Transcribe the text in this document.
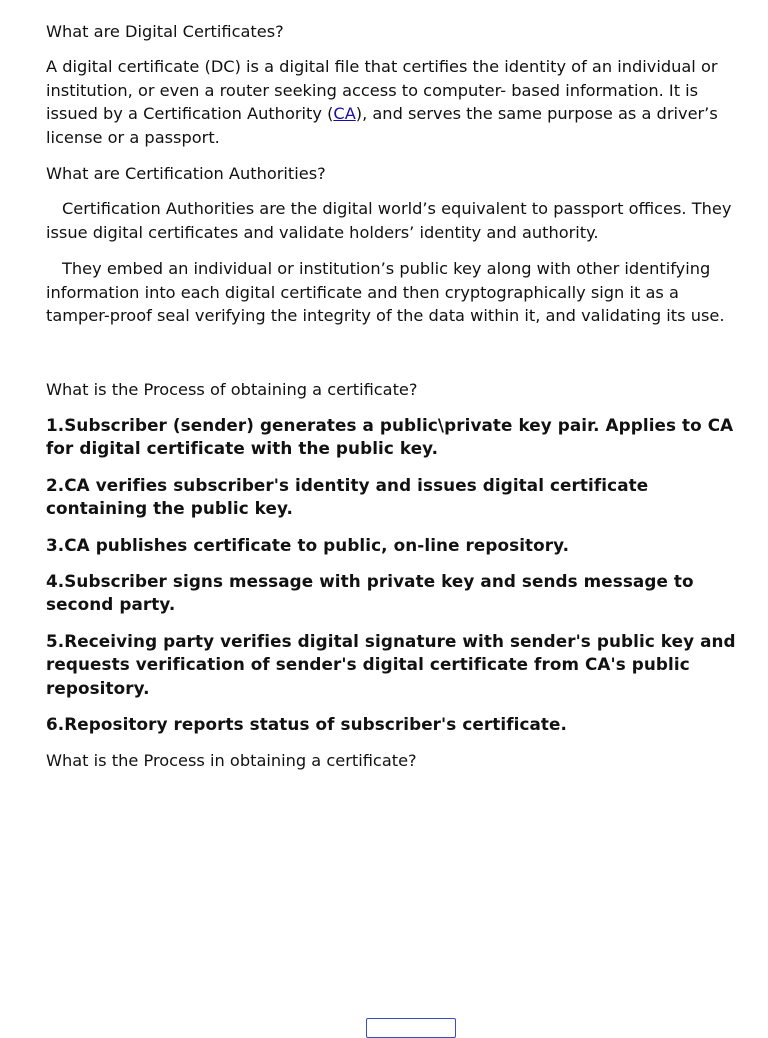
What are Digital Certificates?

A digital certificate (DC) is a digital file that certifies the identity of an individual or institution, or even a router seeking access to computer- based information. It is issued by a Certification Authority (CA), and serves the same purpose as a driver’s license or a passport.

What are Certification Authorities?

Certification Authorities are the digital world’s equivalent to passport offices. They issue digital certificates and validate holders’ identity and authority.

They embed an individual or institution’s public key along with other identifying information into each digital certificate and then cryptographically sign it as a tamper-proof seal verifying the integrity of the data within it, and validating its use.

What is the Process of obtaining a certificate?

1.Subscriber (sender) generates a public\private key pair. Applies to CA for digital certificate with the public key.

2.CA verifies subscriber's identity and issues digital certificate containing the public key.

3.CA publishes certificate to public, on-line repository.

4.Subscriber signs message with private key and sends message to second party.

5.Receiving party verifies digital signature with sender's public key and requests verification of sender's digital certificate from CA's public repository.

6.Repository reports status of subscriber's certificate.

What is the Process in obtaining a certificate?
